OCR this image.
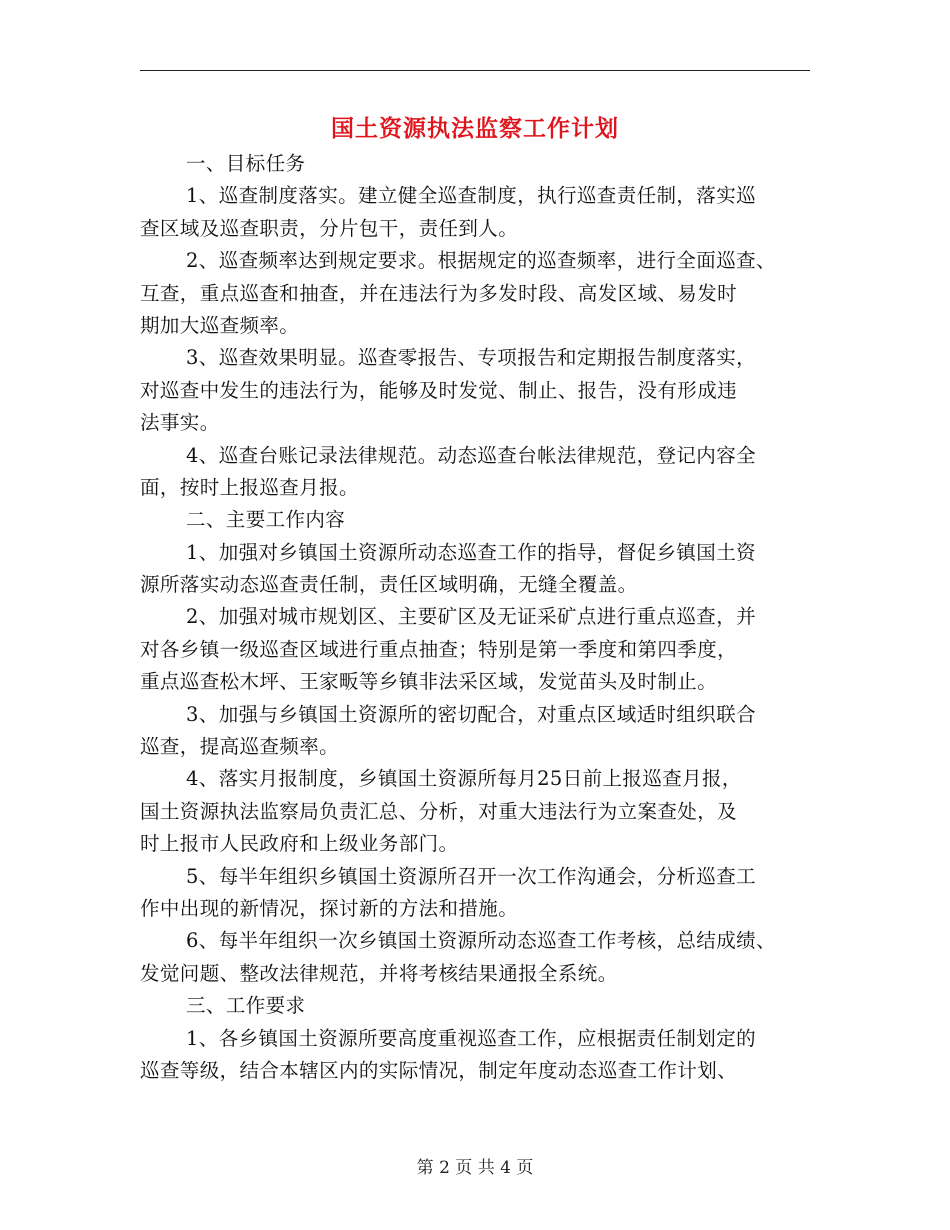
国土资源执法监察工作计划
一、目标任务
1、巡查制度落实。建立健全巡查制度，执行巡查责任制，落实巡
查区域及巡查职责，分片包干，责任到人。
2、巡查频率达到规定要求。根据规定的巡查频率，进行全面巡查、
互查，重点巡查和抽查，并在违法行为多发时段、高发区域、易发时
期加大巡查频率。
3、巡查效果明显。巡查零报告、专项报告和定期报告制度落实，
对巡查中发生的违法行为，能够及时发觉、制止、报告，没有形成违
法事实。
4、巡查台账记录法律规范。动态巡查台帐法律规范，登记内容全
面，按时上报巡查月报。
二、主要工作内容
1、加强对乡镇国土资源所动态巡查工作的指导，督促乡镇国土资
源所落实动态巡查责任制，责任区域明确，无缝全覆盖。
2、加强对城市规划区、主要矿区及无证采矿点进行重点巡查，并
对各乡镇一级巡查区域进行重点抽查；特别是第一季度和第四季度，
重点巡查松木坪、王家畈等乡镇非法采区域，发觉苗头及时制止。
3、加强与乡镇国土资源所的密切配合，对重点区域适时组织联合
巡查，提高巡查频率。
4、落实月报制度，乡镇国土资源所每月25日前上报巡查月报，
国土资源执法监察局负责汇总、分析，对重大违法行为立案查处，及
时上报市人民政府和上级业务部门。
5、每半年组织乡镇国土资源所召开一次工作沟通会，分析巡查工
作中出现的新情况，探讨新的方法和措施。
6、每半年组织一次乡镇国土资源所动态巡查工作考核，总结成绩、
发觉问题、整改法律规范，并将考核结果通报全系统。
三、工作要求
1、各乡镇国土资源所要高度重视巡查工作，应根据责任制划定的
巡查等级，结合本辖区内的实际情况，制定年度动态巡查工作计划、
第 2 页 共 4 页
